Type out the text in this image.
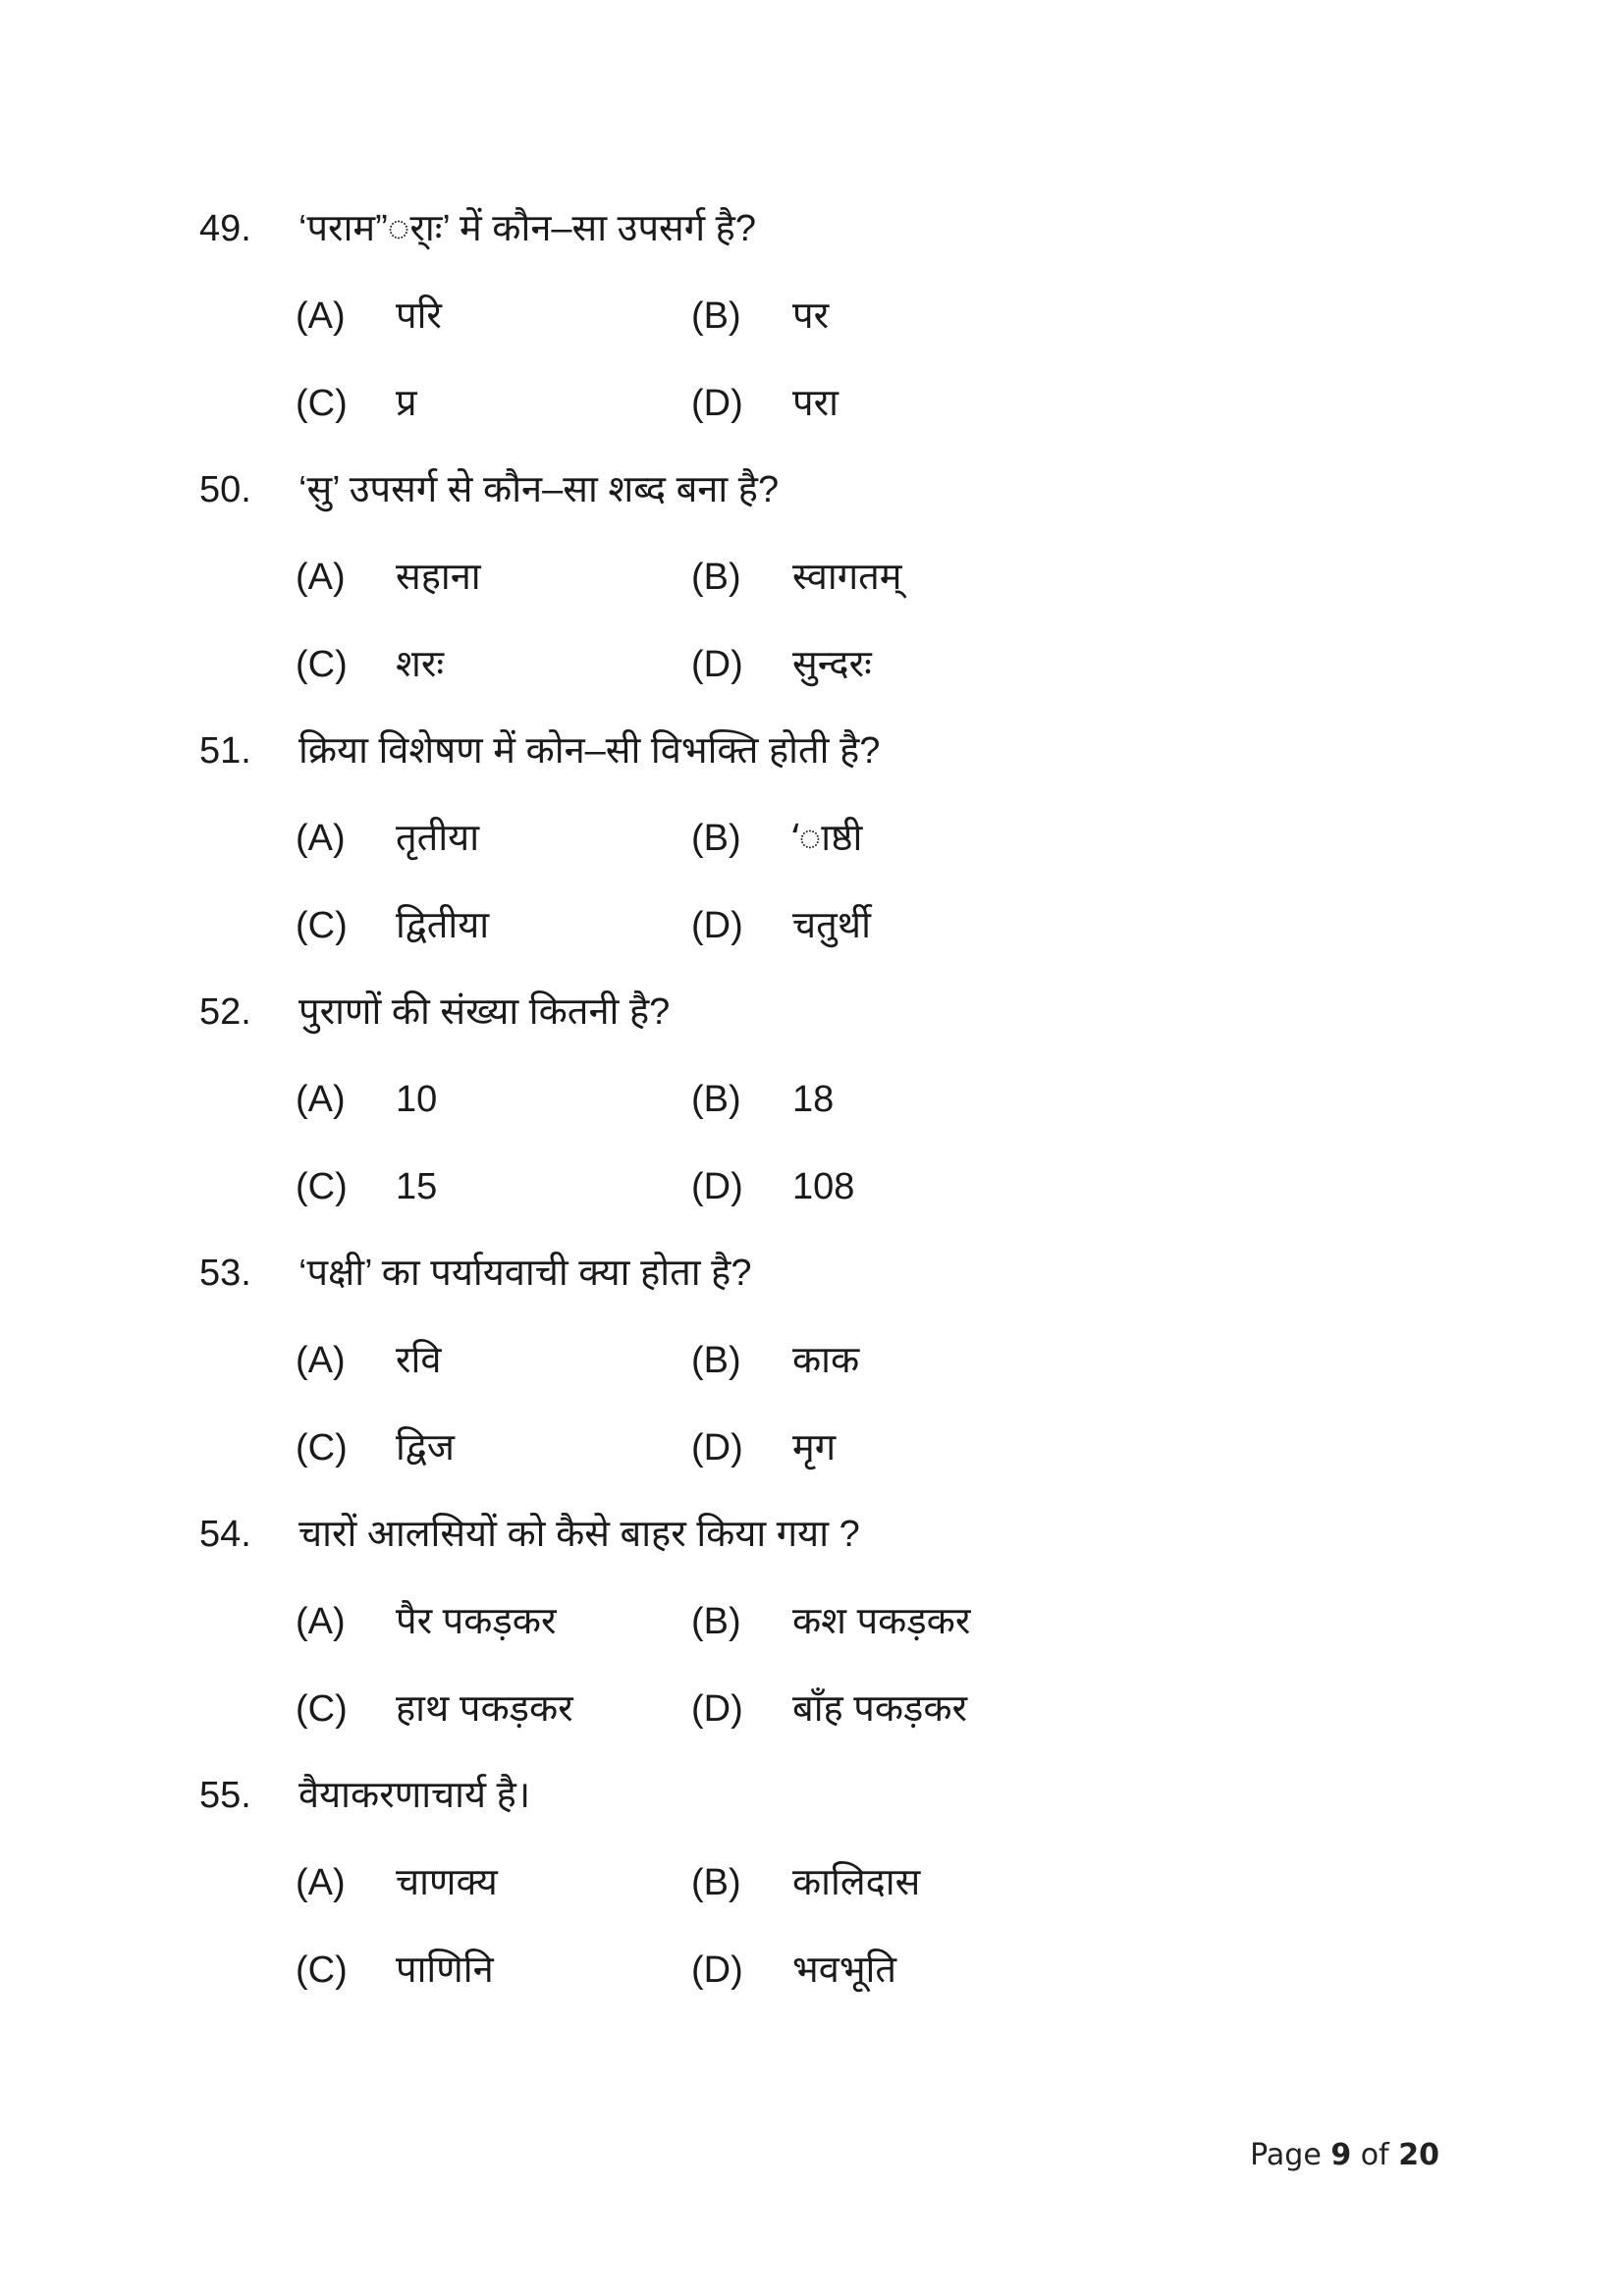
49. ‘पराम”र्ाः’ में कौन–सा उपसर्ग है?
(A) परि	(B) पर
(C) प्र	(D) परा
50. ‘सु’ उपसर्ग से कौन–सा शब्द बना है?
(A) सहाना	(B) स्वागतम्
(C) शरः	(D) सुन्दरः
51. क्रिया विशेषण में कोन–सी विभक्ति होती है?
(A) तृतीया	(B) ‘ाष्ठी
(C) द्वितीया	(D) चतुर्थी
52. पुराणों की संख्या कितनी है?
(A) 10	(B) 18
(C) 15	(D) 108
53. ‘पक्षी’ का पर्यायवाची क्या होता है?
(A) रवि	(B) काक
(C) द्विज	(D) मृग
54. चारों आलसियों को कैसे बाहर किया गया ?
(A) पैर पकड़कर	(B) कश पकड़कर
(C) हाथ पकड़कर	(D) बाँह पकड़कर
55. वैयाकरणाचार्य है।
(A) चाणक्य	(B) कालिदास
(C) पाणिनि	(D) भवभूति
Page 9 of 20
